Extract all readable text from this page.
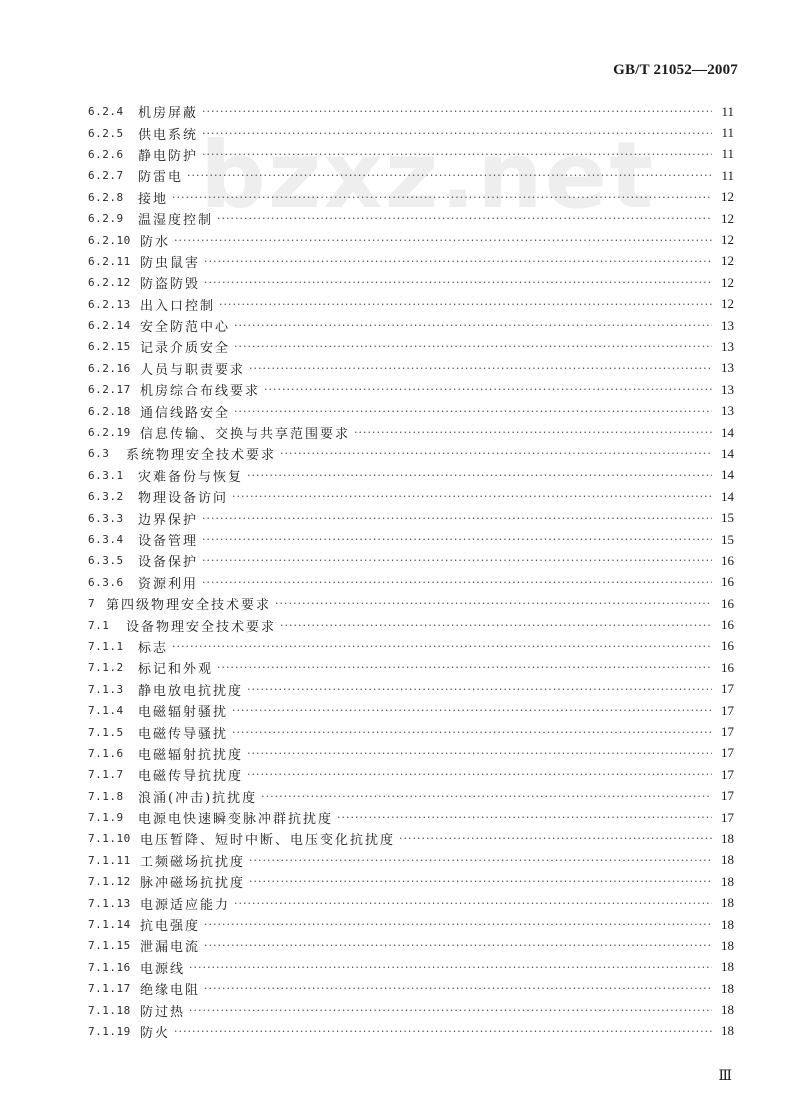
GB/T 21052—2007
bzxz.net
6.2.4	机房屏蔽 ·····	11
6.2.5	供电系统 ·····	11
6.2.6	静电防护 ·····	11
6.2.7	防雷电 ·····	11
6.2.8	接地 ·····	12
6.2.9	温湿度控制 ·····	12
6.2.10 防水 ·····	12
6.2.11 防虫鼠害 ·····	12
6.2.12 防盗防毁 ·····	12
6.2.13 出入口控制 ·····	12
6.2.14 安全防范中心 ·····	13
6.2.15 记录介质安全 ·····	13
6.2.16 人员与职责要求 ·····	13
6.2.17 机房综合布线要求 ·····	13
6.2.18 通信线路安全 ·····	13
6.2.19 信息传输、交换与共享范围要求 ·····	14
6.3	系统物理安全技术要求 ·····	14
6.3.1	灾难备份与恢复 ·····	14
6.3.2	物理设备访问 ·····	14
6.3.3	边界保护 ·····	15
6.3.4	设备管理 ·····	15
6.3.5	设备保护 ·····	16
6.3.6	资源利用 ·····	16
7 第四级物理安全技术要求 ·····	16
7.1	设备物理安全技术要求 ·····	16
7.1.1	标志 ·····	16
7.1.2	标记和外观 ·····	16
7.1.3	静电放电抗扰度 ·····	17
7.1.4	电磁辐射骚扰 ·····	17
7.1.5	电磁传导骚扰 ·····	17
7.1.6	电磁辐射抗扰度 ·····	17
7.1.7	电磁传导抗扰度 ·····	17
7.1.8	浪涌(冲击)抗扰度 ·····	17
7.1.9	电源电快速瞬变脉冲群抗扰度 ·····	17
7.1.10 电压暂降、短时中断、电压变化抗扰度 ·····	18
7.1.11 工频磁场抗扰度 ·····	18
7.1.12 脉冲磁场抗扰度 ·····	18
7.1.13 电源适应能力 ·····	18
7.1.14 抗电强度 ·····	18
7.1.15 泄漏电流 ·····	18
7.1.16 电源线 ·····	18
7.1.17 绝缘电阻 ·····	18
7.1.18 防过热 ·····	18
7.1.19 防火 ·····	18
Ⅲ
